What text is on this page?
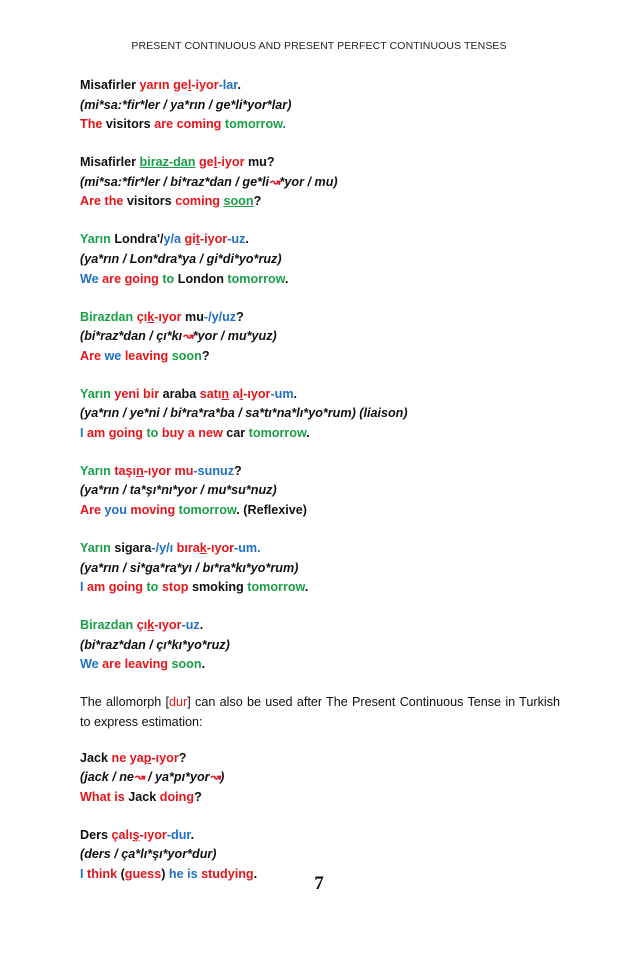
PRESENT CONTINUOUS AND PRESENT PERFECT CONTINUOUS TENSES
Misafirler yarın gel-iyor-lar.
(mi*sa:*fir*ler / ya*rın / ge*li*yor*lar)
The visitors are coming tomorrow.
Misafirler biraz-dan gel-iyor mu?
(mi*sa:*fir*ler / bi*raz*dan / ge*li↝*yor / mu)
Are the visitors coming soon?
Yarın Londra'/y/a git-iyor-uz.
(ya*rın / Lon*dra*ya / gi*di*yo*ruz)
We are going to London tomorrow.
Birazdan çık-ıyor mu-/y/uz?
(bi*raz*dan / çı*kı↝*yor / mu*yuz)
Are we leaving soon?
Yarın yeni bir araba satın al-ıyor-um.
(ya*rın / ye*ni / bi*ra*ra*ba / sa*tı*na*lı*yo*rum) (liaison)
I am going to buy a new car tomorrow.
Yarın taşın-ıyor mu-sunuz?
(ya*rın / ta*şı*nı*yor / mu*su*nuz)
Are you moving tomorrow. (Reflexive)
Yarın sigara-/y/ı bırak-ıyor-um.
(ya*rın / si*ga*ra*yı / bı*ra*kı*yo*rum)
I am going to stop smoking tomorrow.
Birazdan çık-ıyor-uz.
(bi*raz*dan / çı*kı*yo*ruz)
We are leaving soon.
The allomorph [dur] can also be used after The Present Continuous Tense in Turkish to express estimation:
Jack ne yap-ıyor?
(jack / ne↝ / ya*pı*yor↝)
What is Jack doing?
Ders çalış-ıyor-dur.
(ders / ça*lı*şı*yor*dur)
I think (guess) he is studying.	7
